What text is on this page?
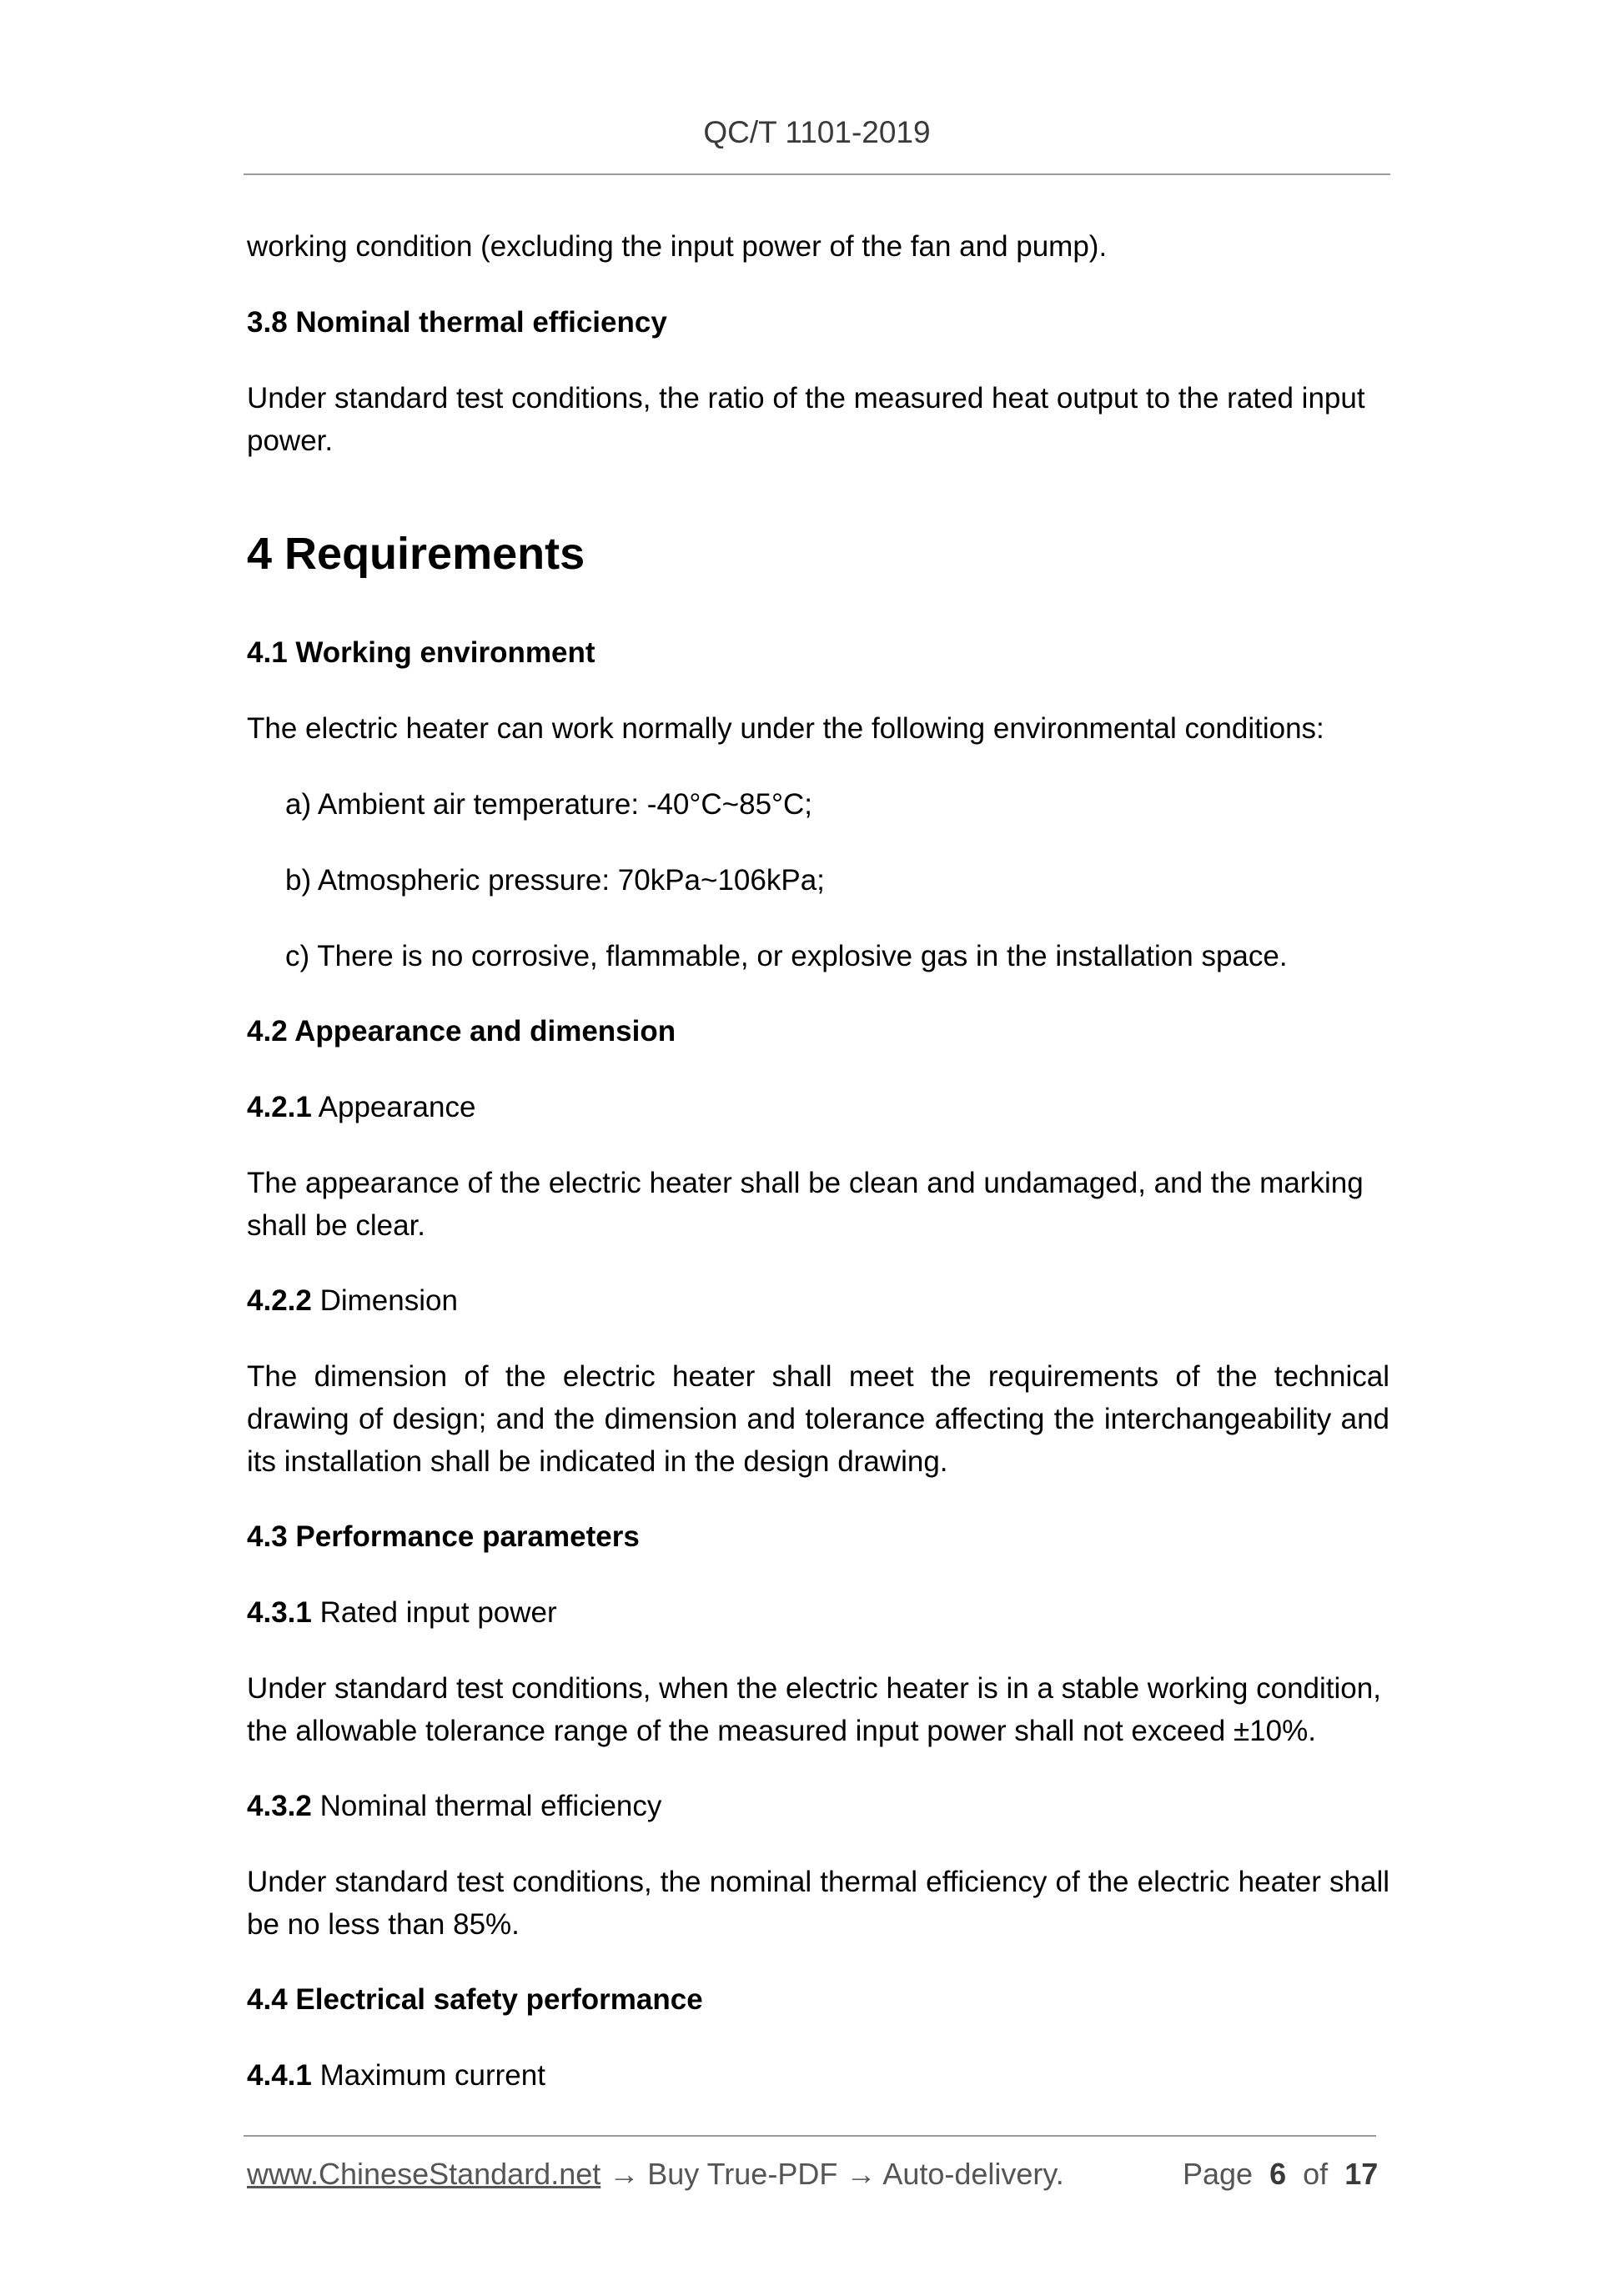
QC/T 1101-2019
working condition (excluding the input power of the fan and pump).
3.8 Nominal thermal efficiency
Under standard test conditions, the ratio of the measured heat output to the rated input power.
4 Requirements
4.1 Working environment
The electric heater can work normally under the following environmental conditions:
a) Ambient air temperature: -40°C~85°C;
b) Atmospheric pressure: 70kPa~106kPa;
c) There is no corrosive, flammable, or explosive gas in the installation space.
4.2 Appearance and dimension
4.2.1 Appearance
The appearance of the electric heater shall be clean and undamaged, and the marking shall be clear.
4.2.2 Dimension
The dimension of the electric heater shall meet the requirements of the technical drawing of design; and the dimension and tolerance affecting the interchangeability and its installation shall be indicated in the design drawing.
4.3 Performance parameters
4.3.1 Rated input power
Under standard test conditions, when the electric heater is in a stable working condition, the allowable tolerance range of the measured input power shall not exceed ±10%.
4.3.2 Nominal thermal efficiency
Under standard test conditions, the nominal thermal efficiency of the electric heater shall be no less than 85%.
4.4 Electrical safety performance
4.4.1 Maximum current
www.ChineseStandard.net → Buy True-PDF → Auto-delivery.	Page 6 of 17
